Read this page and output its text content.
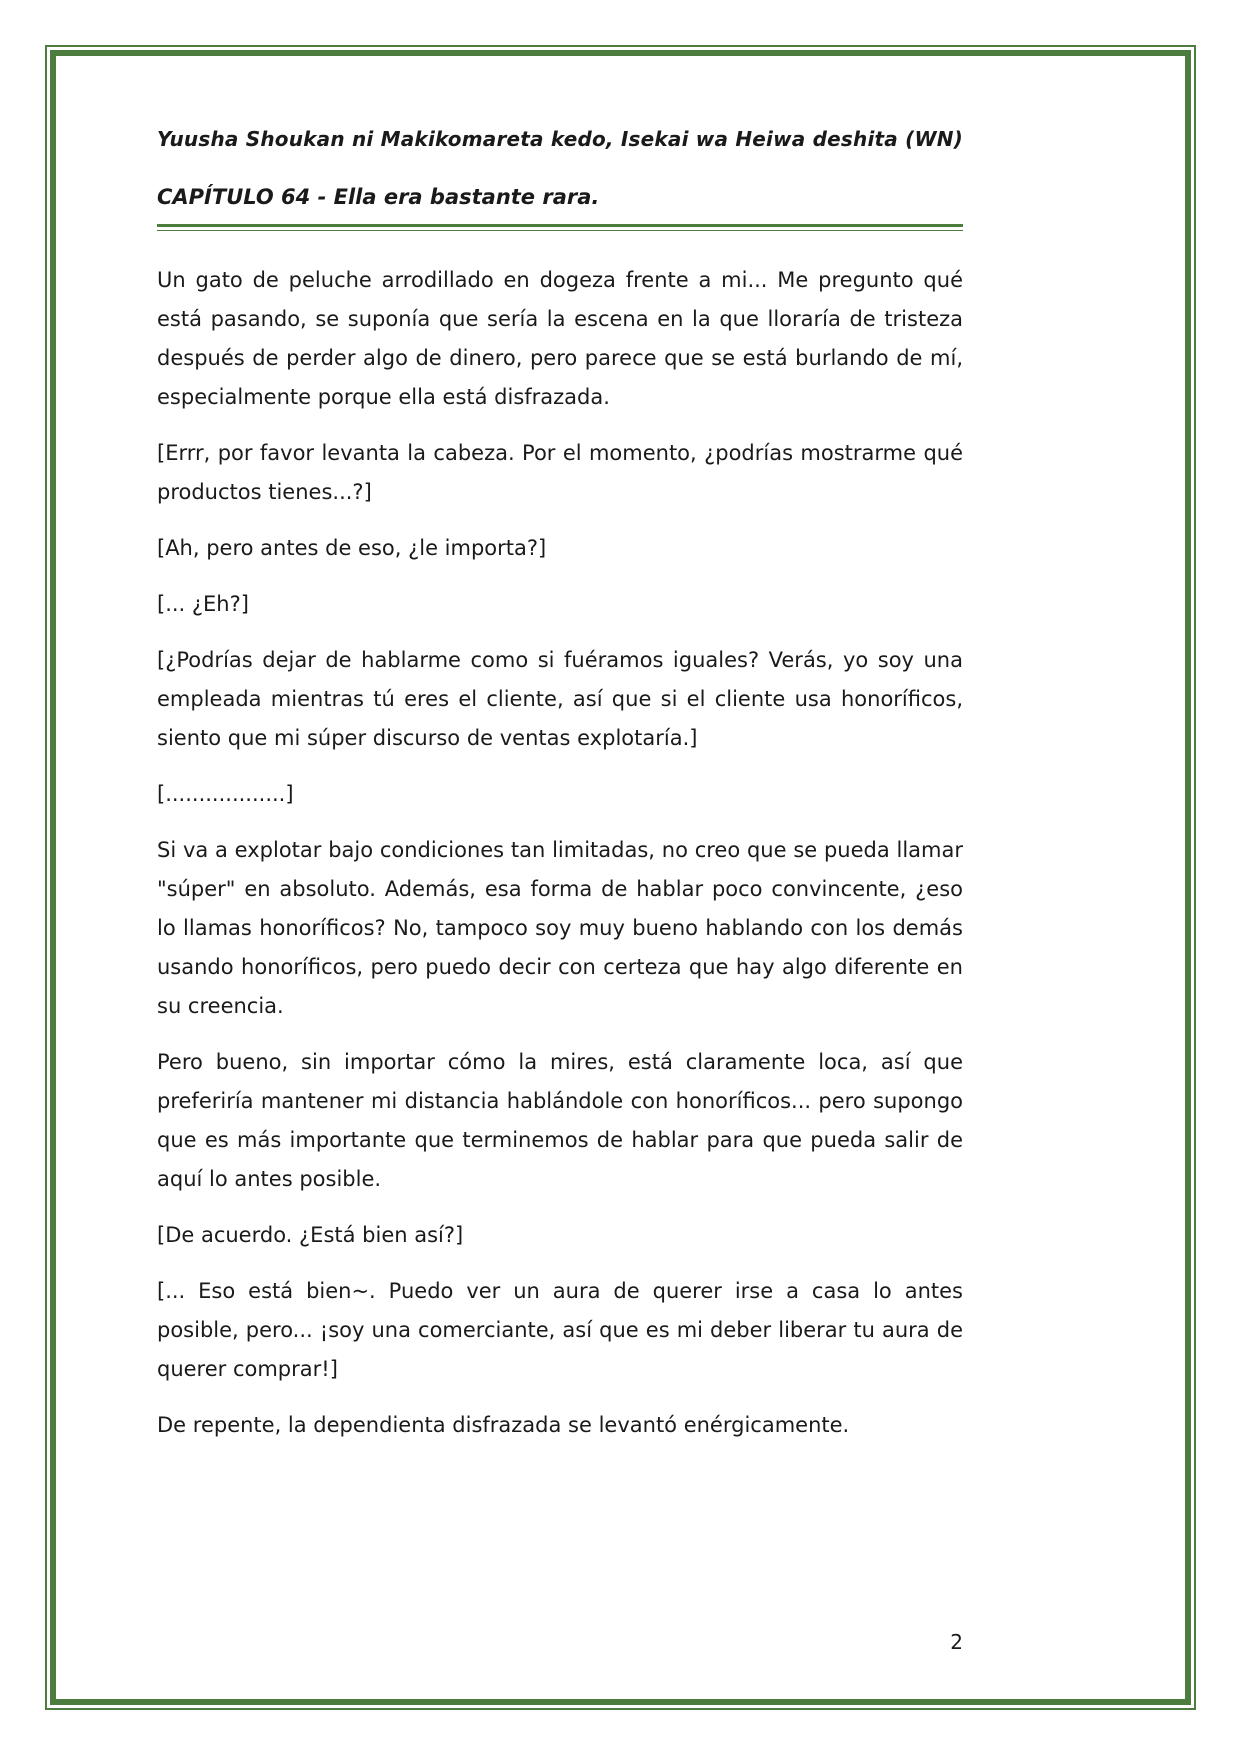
Yuusha Shoukan ni Makikomareta kedo, Isekai wa Heiwa deshita (WN)
CAPÍTULO 64 - Ella era bastante rara.

Un gato de peluche arrodillado en dogeza frente a mi... Me pregunto qué está pasando, se suponía que sería la escena en la que lloraría de tristeza después de perder algo de dinero, pero parece que se está burlando de mí, especialmente porque ella está disfrazada.

[Errr, por favor levanta la cabeza. Por el momento, ¿podrías mostrarme qué productos tienes...?]

[Ah, pero antes de eso, ¿le importa?]

[... ¿Eh?]

[¿Podrías dejar de hablarme como si fuéramos iguales? Verás, yo soy una empleada mientras tú eres el cliente, así que si el cliente usa honoríficos, siento que mi súper discurso de ventas explotaría.]

[..................]

Si va a explotar bajo condiciones tan limitadas, no creo que se pueda llamar "súper" en absoluto. Además, esa forma de hablar poco convincente, ¿eso lo llamas honoríficos? No, tampoco soy muy bueno hablando con los demás usando honoríficos, pero puedo decir con certeza que hay algo diferente en su creencia.

Pero bueno, sin importar cómo la mires, está claramente loca, así que preferiría mantener mi distancia hablándole con honoríficos... pero supongo que es más importante que terminemos de hablar para que pueda salir de aquí lo antes posible.

[De acuerdo. ¿Está bien así?]

[... Eso está bien~. Puedo ver un aura de querer irse a casa lo antes posible, pero... ¡soy una comerciante, así que es mi deber liberar tu aura de querer comprar!]

De repente, la dependienta disfrazada se levantó enérgicamente.

2
